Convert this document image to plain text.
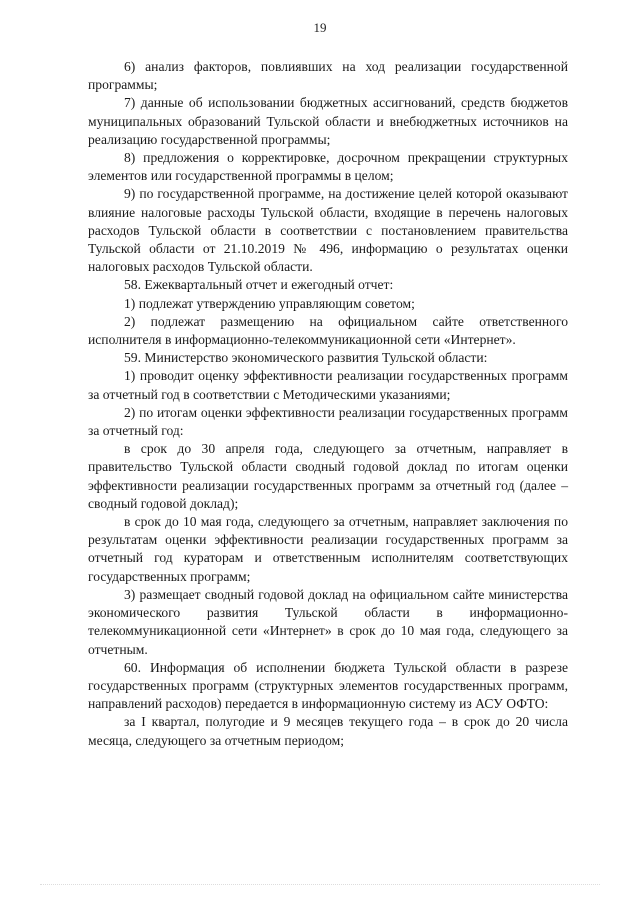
19

6) анализ факторов, повлиявших на ход реализации государственной программы;

7) данные об использовании бюджетных ассигнований, средств бюджетов муниципальных образований Тульской области и внебюджетных источников на реализацию государственной программы;

8) предложения о корректировке, досрочном прекращении структурных элементов или государственной программы в целом;

9) по государственной программе, на достижение целей которой оказывают влияние налоговые расходы Тульской области, входящие в перечень налоговых расходов Тульской области в соответствии с постановлением правительства Тульской области от 21.10.2019 № 496, информацию о результатах оценки налоговых расходов Тульской области.

58. Ежеквартальный отчет и ежегодный отчет:

1) подлежат утверждению управляющим советом;

2) подлежат размещению на официальном сайте ответственного исполнителя в информационно-телекоммуникационной сети «Интернет».

59. Министерство экономического развития Тульской области:

1) проводит оценку эффективности реализации государственных программ за отчетный год в соответствии с Методическими указаниями;

2) по итогам оценки эффективности реализации государственных программ за отчетный год:

в срок до 30 апреля года, следующего за отчетным, направляет в правительство Тульской области сводный годовой доклад по итогам оценки эффективности реализации государственных программ за отчетный год (далее – сводный годовой доклад);

в срок до 10 мая года, следующего за отчетным, направляет заключения по результатам оценки эффективности реализации государственных программ за отчетный год кураторам и ответственным исполнителям соответствующих государственных программ;

3) размещает сводный годовой доклад на официальном сайте министерства экономического развития Тульской области в информационно-телекоммуникационной сети «Интернет» в срок до 10 мая года, следующего за отчетным.

60. Информация об исполнении бюджета Тульской области в разрезе государственных программ (структурных элементов государственных программ, направлений расходов) передается в информационную систему из АСУ ОФТО:

за I квартал, полугодие и 9 месяцев текущего года – в срок до 20 числа месяца, следующего за отчетным периодом;
